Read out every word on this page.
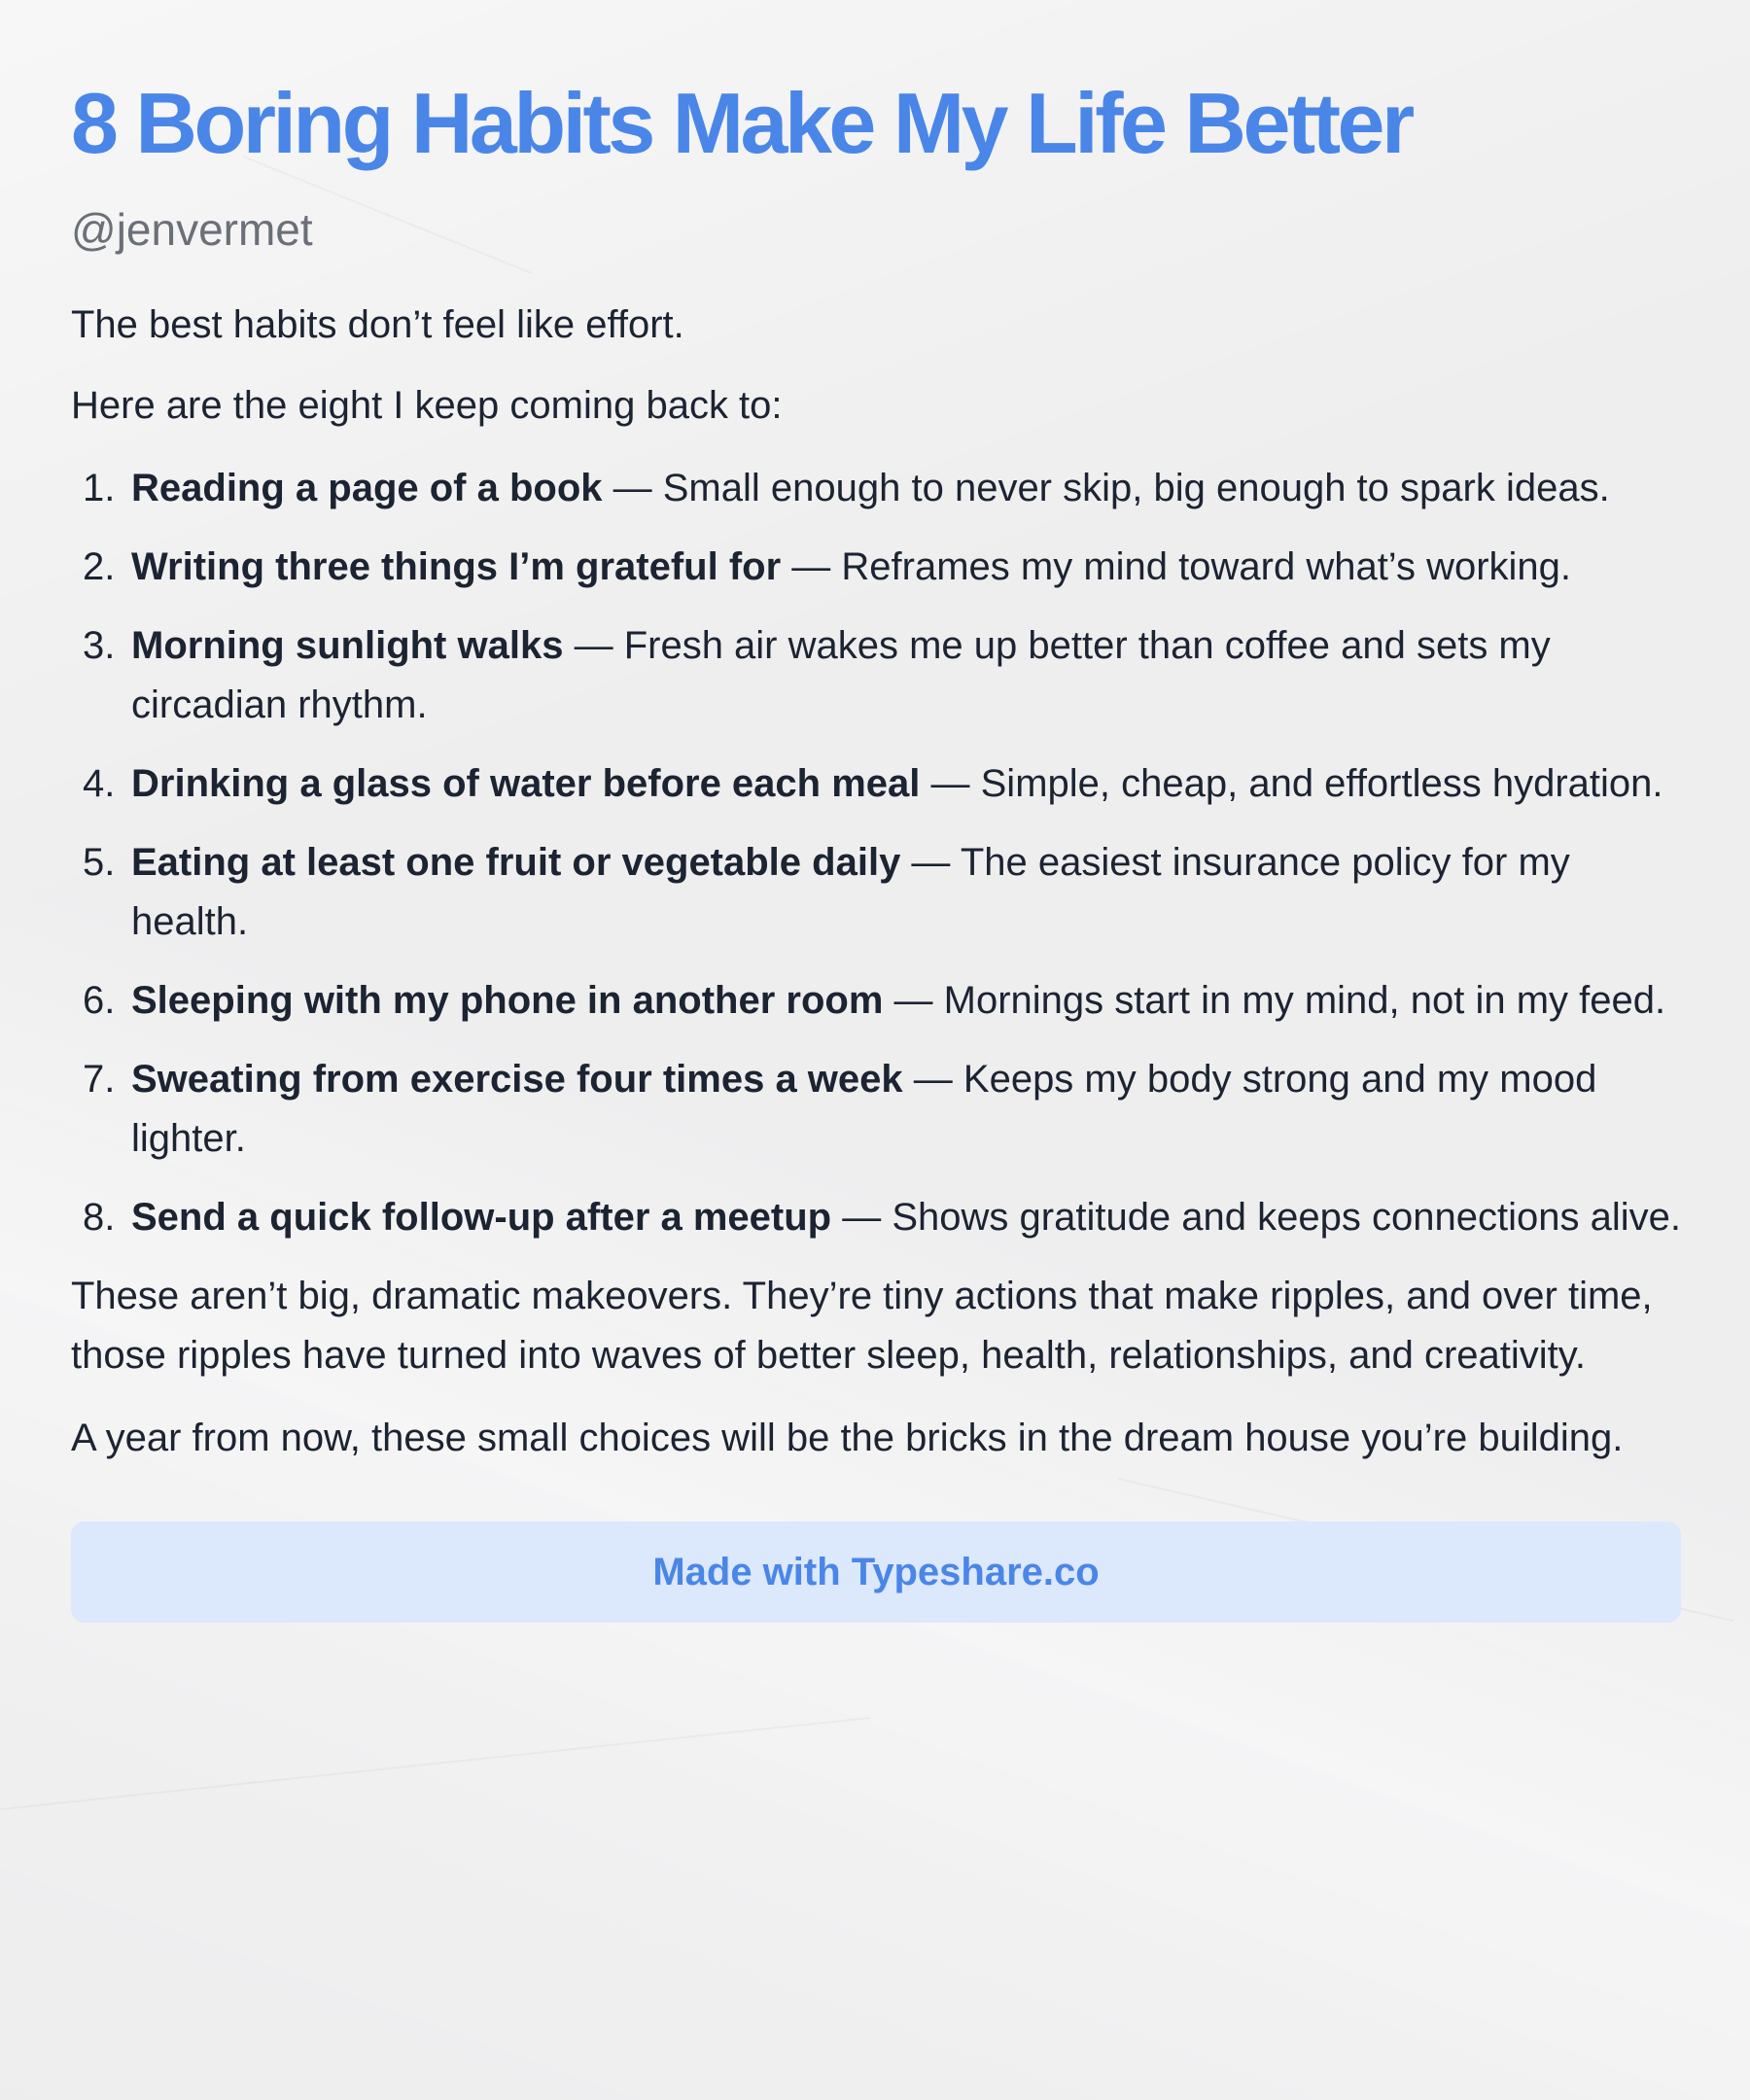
8 Boring Habits Make My Life Better
@jenvermet

The best habits don’t feel like effort.

Here are the eight I keep coming back to:

1. Reading a page of a book — Small enough to never skip, big enough to spark ideas.
2. Writing three things I’m grateful for — Reframes my mind toward what’s working.
3. Morning sunlight walks — Fresh air wakes me up better than coffee and sets my circadian rhythm.
4. Drinking a glass of water before each meal — Simple, cheap, and effortless hydration.
5. Eating at least one fruit or vegetable daily — The easiest insurance policy for my health.
6. Sleeping with my phone in another room — Mornings start in my mind, not in my feed.
7. Sweating from exercise four times a week — Keeps my body strong and my mood lighter.
8. Send a quick follow-up after a meetup — Shows gratitude and keeps connections alive.

These aren’t big, dramatic makeovers. They’re tiny actions that make ripples, and over time, those ripples have turned into waves of better sleep, health, relationships, and creativity.

A year from now, these small choices will be the bricks in the dream house you’re building.

Made with Typeshare.co
